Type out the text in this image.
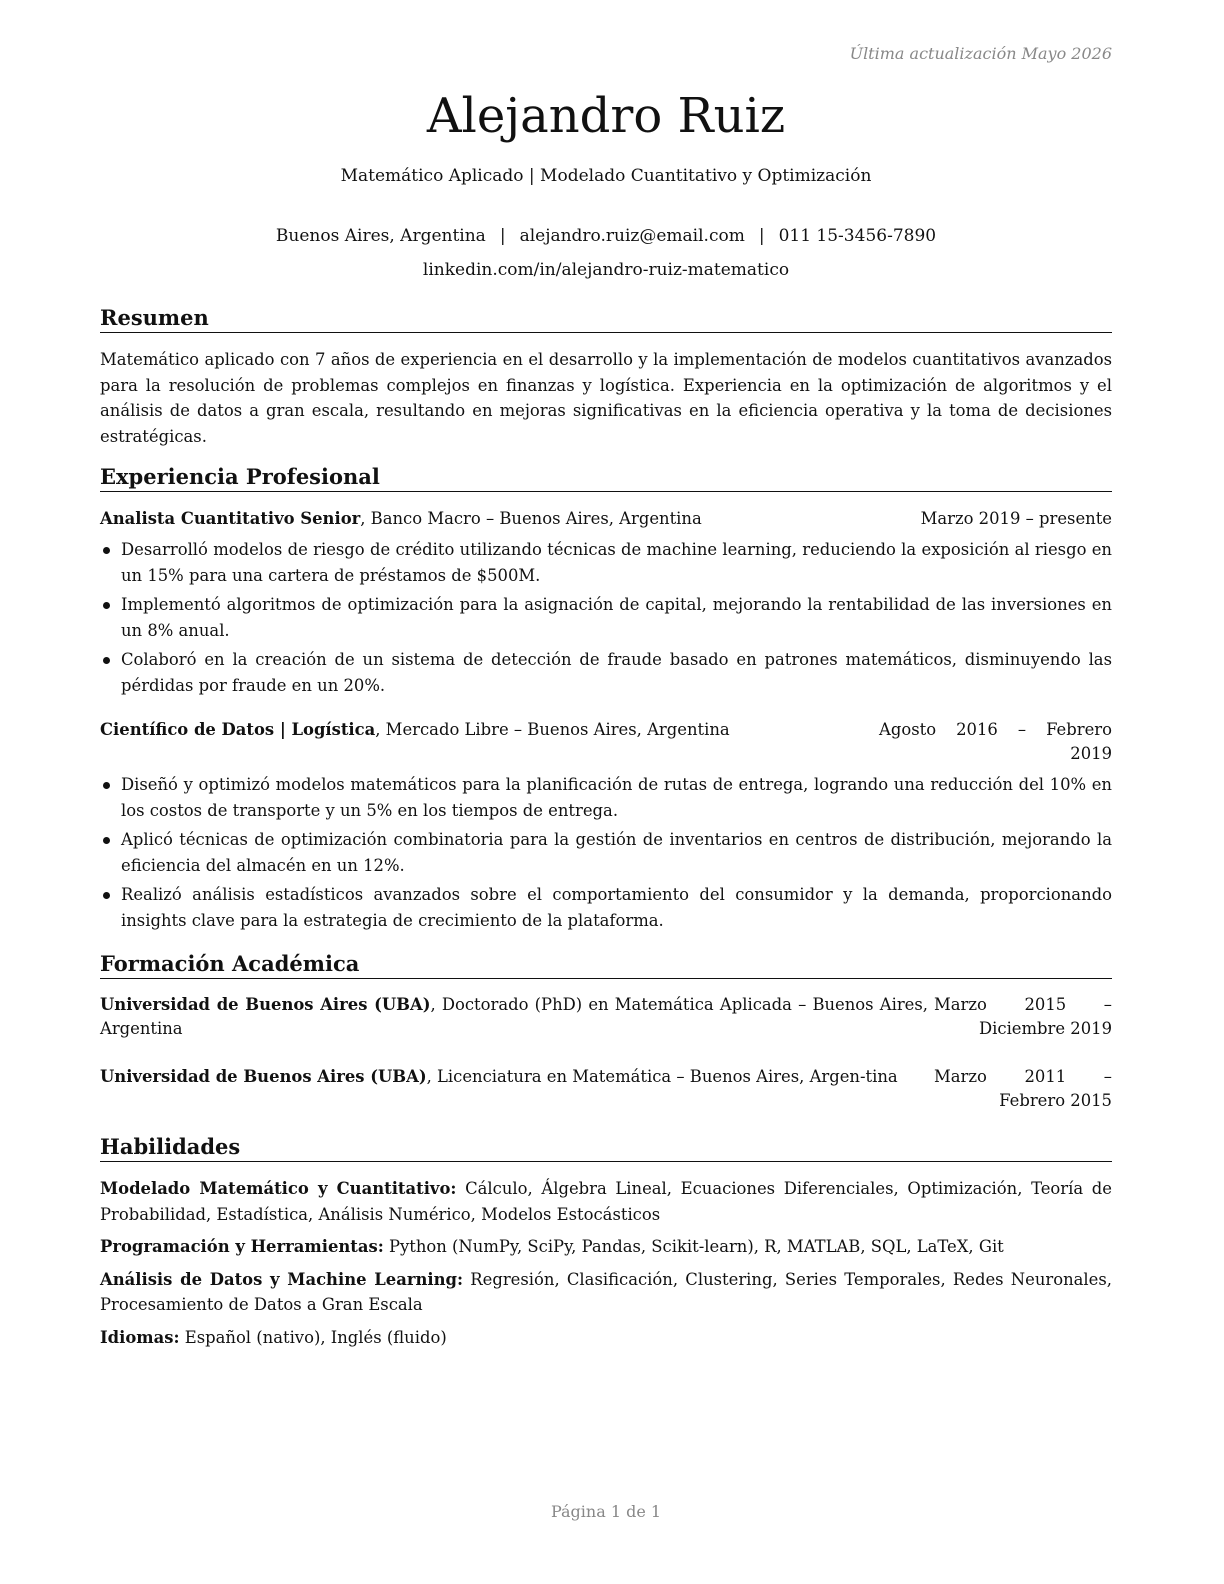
Última actualización Mayo 2026
Alejandro Ruiz
Matemático Aplicado | Modelado Cuantitativo y Optimización
Buenos Aires, Argentina | alejandro.ruiz@email.com | 011 15-3456-7890
linkedin.com/in/alejandro-ruiz-matematico
Resumen

Matemático aplicado con 7 años de experiencia en el desarrollo y la implementación de modelos cuantitativos avanzados para la resolución de problemas complejos en finanzas y logística. Experiencia en la optimización de algoritmos y el análisis de datos a gran escala, resultando en mejoras significativas en la eficiencia operativa y la toma de decisiones estratégicas.

Experiencia Profesional
Analista Cuantitativo Senior, Banco Macro – Buenos Aires, Argentina	Marzo 2019 – presente
Desarrolló modelos de riesgo de crédito utilizando técnicas de machine learning, reduciendo la exposición al riesgo en un 15% para una cartera de préstamos de $500M.
Implementó algoritmos de optimización para la asignación de capital, mejorando la rentabilidad de las inversiones en un 8% anual.
Colaboró en la creación de un sistema de detección de fraude basado en patrones matemáticos, disminuyendo las pérdidas por fraude en un 20%.
Científico de Datos | Logística, Mercado Libre – Buenos Aires, Argentina	Agosto 2016 – Febrero 2019
Diseñó y optimizó modelos matemáticos para la planificación de rutas de entrega, logrando una reducción del 10% en los costos de transporte y un 5% en los tiempos de entrega.
Aplicó técnicas de optimización combinatoria para la gestión de inventarios en centros de distribución, mejorando la eficiencia del almacén en un 12%.
Realizó análisis estadísticos avanzados sobre el comportamiento del consumidor y la demanda, proporcionando insights clave para la estrategia de crecimiento de la plataforma.
Formación Académica
Universidad de Buenos Aires (UBA), Doctorado (PhD) en Matemática Aplicada – Buenos Aires, Argentina
Marzo 2015 – Diciembre 2019
Universidad de Buenos Aires (UBA), Licenciatura en Matemática – Buenos Aires, Argen-tina	Marzo 2011 – Febrero 2015
Habilidades

Modelado Matemático y Cuantitativo: Cálculo, Álgebra Lineal, Ecuaciones Diferenciales, Optimización, Teoría de Probabilidad, Estadística, Análisis Numérico, Modelos Estocásticos

Programación y Herramientas: Python (NumPy, SciPy, Pandas, Scikit-learn), R, MATLAB, SQL, LaTeX, Git

Análisis de Datos y Machine Learning: Regresión, Clasificación, Clustering, Series Temporales, Redes Neuronales, Procesamiento de Datos a Gran Escala

Idiomas: Español (nativo), Inglés (fluido)

Página 1 de 1
